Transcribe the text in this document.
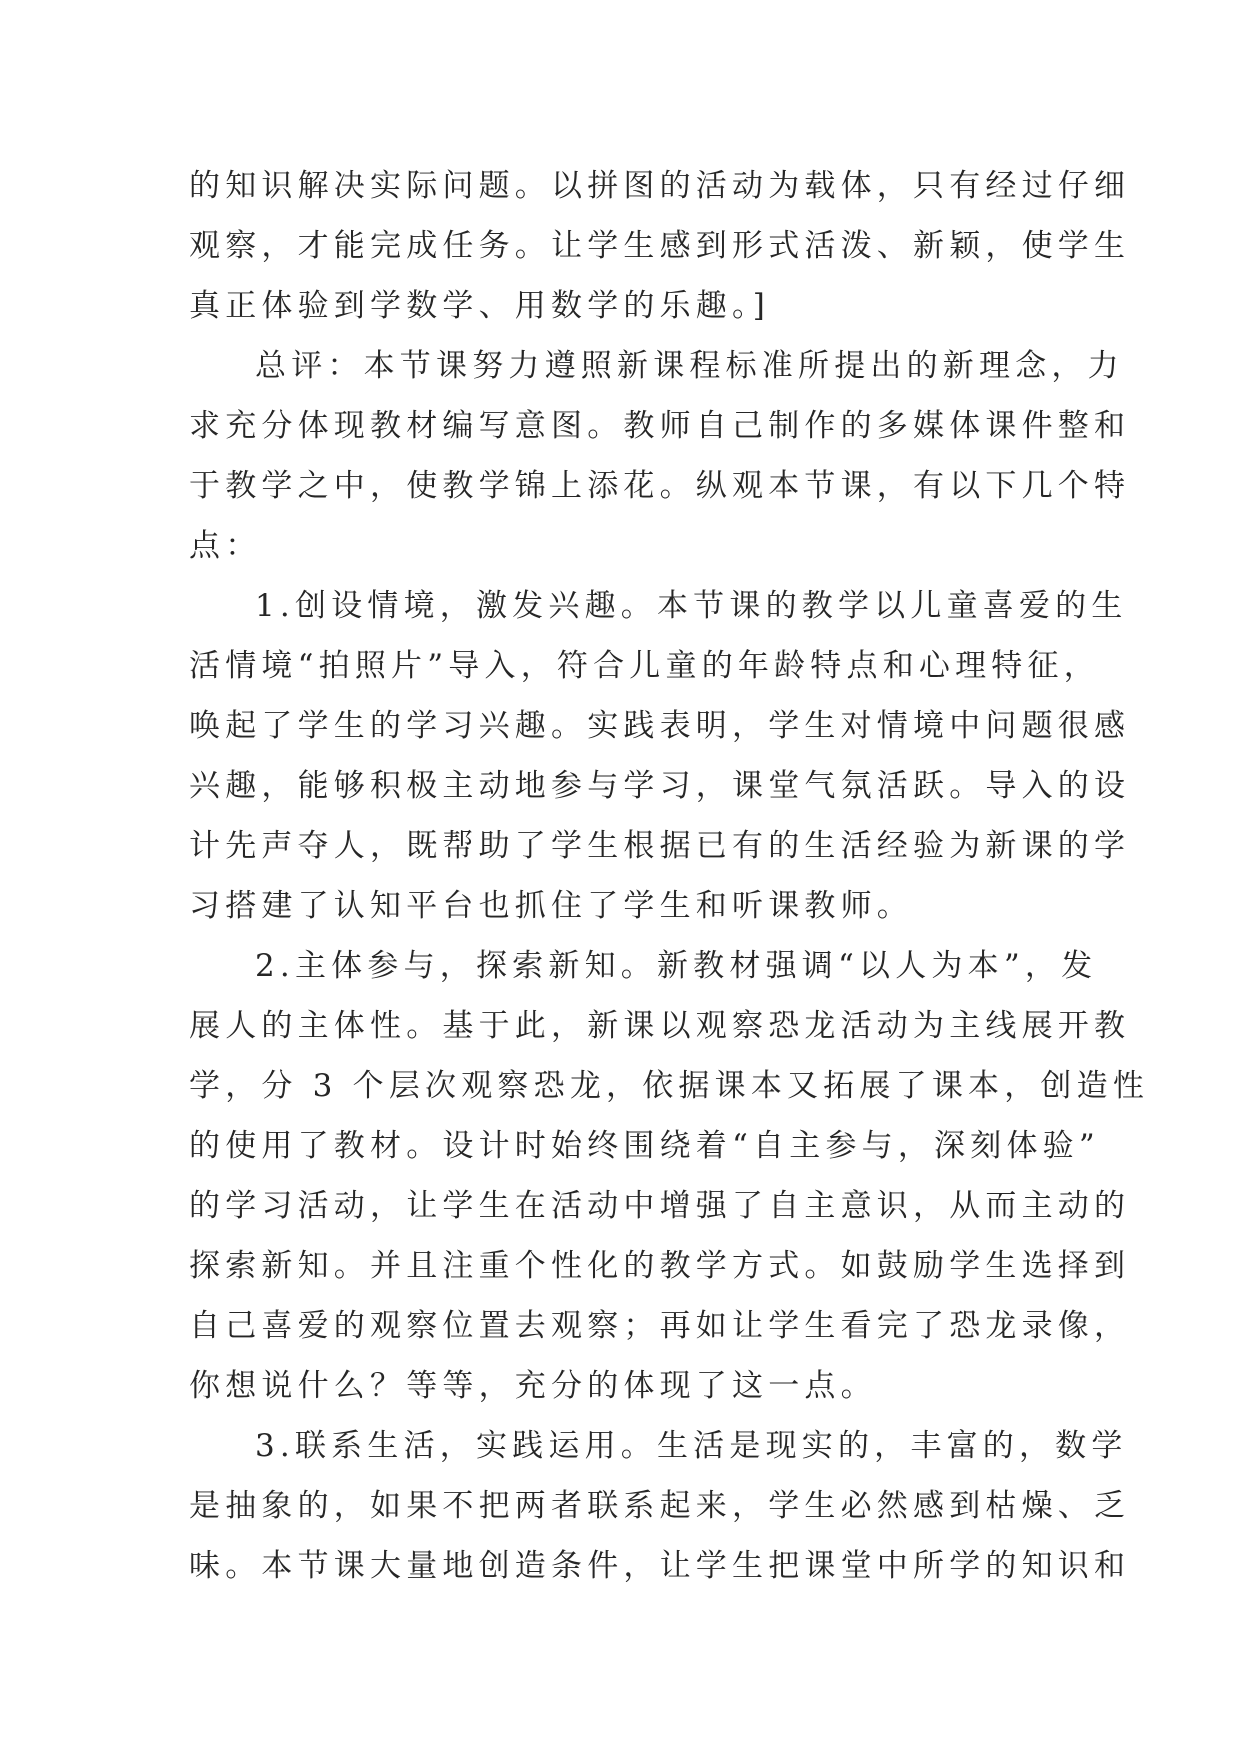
的知识解决实际问题。以拼图的活动为载体，只有经过仔细
观察，才能完成任务。让学生感到形式活泼、新颖，使学生
真正体验到学数学、用数学的乐趣。]
总评：本节课努力遵照新课程标准所提出的新理念，力
求充分体现教材编写意图。教师自己制作的多媒体课件整和
于教学之中，使教学锦上添花。纵观本节课，有以下几个特
点：
1.创设情境，激发兴趣。本节课的教学以儿童喜爱的生
活情境“拍照片”导入，符合儿童的年龄特点和心理特征，
唤起了学生的学习兴趣。实践表明，学生对情境中问题很感
兴趣，能够积极主动地参与学习，课堂气氛活跃。导入的设
计先声夺人，既帮助了学生根据已有的生活经验为新课的学
习搭建了认知平台也抓住了学生和听课教师。
2.主体参与，探索新知。新教材强调“以人为本”，发
展人的主体性。基于此，新课以观察恐龙活动为主线展开教
学，分 3 个层次观察恐龙，依据课本又拓展了课本，创造性
的使用了教材。设计时始终围绕着“自主参与，深刻体验”
的学习活动，让学生在活动中增强了自主意识，从而主动的
探索新知。并且注重个性化的教学方式。如鼓励学生选择到
自己喜爱的观察位置去观察；再如让学生看完了恐龙录像，
你想说什么？等等，充分的体现了这一点。
3.联系生活，实践运用。生活是现实的，丰富的，数学
是抽象的，如果不把两者联系起来，学生必然感到枯燥、乏
味。本节课大量地创造条件，让学生把课堂中所学的知识和
